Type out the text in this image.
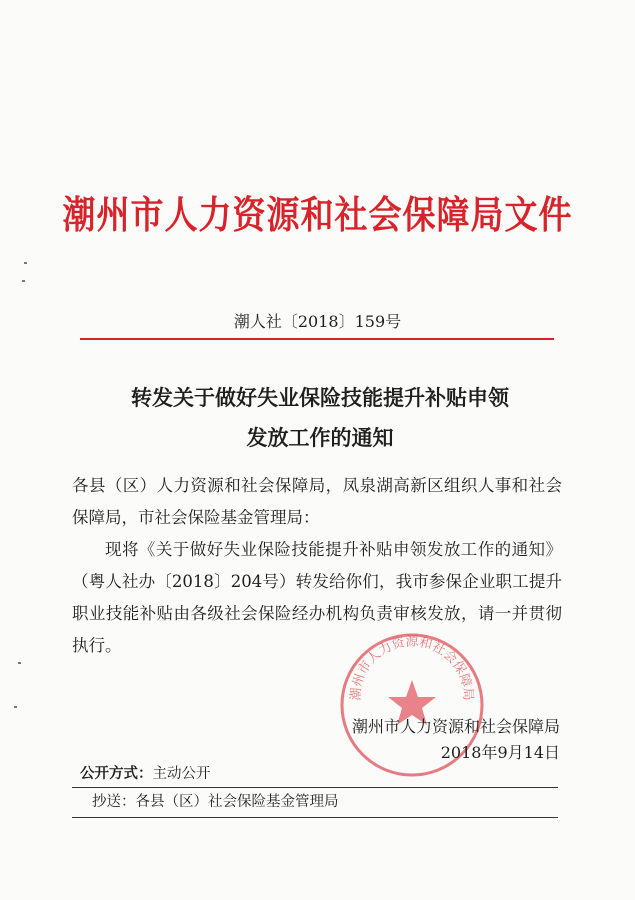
潮州市人力资源和社会保障局文件
潮人社〔2018〕159号
转发关于做好失业保险技能提升补贴申领
发放工作的通知

各县（区）人力资源和社会保障局，凤泉湖高新区组织人事和社会保障局，市社会保险基金管理局：

现将《关于做好失业保险技能提升补贴申领发放工作的通知》（粤人社办〔2018〕204号）转发给你们，我市参保企业职工提升职业技能补贴由各级社会保险经办机构负责审核发放，请一并贯彻执行。

潮州市人力资源和社会保障局
潮州市人力资源和社会保障局
2018年9月14日
公开方式：主动公开
抄送：各县（区）社会保险基金管理局
